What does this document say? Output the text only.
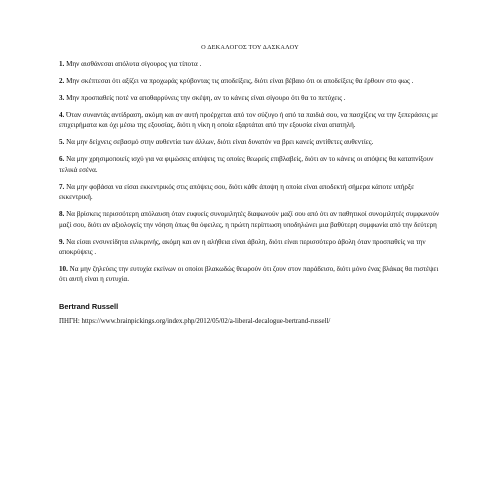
Ο ΔΕΚΑΛΟΓΟΣ ΤΟΥ ΔΑΣΚΑΛΟΥ
1. Μην αισθάνεσαι απόλυτα σίγουρος για τίποτα .
2. Μην σκέπτεσαι ότι αξίζει να προχωράς κρύβοντας τις αποδείξεις, διότι είναι βέβαιο ότι οι αποδείξεις θα έρθουν στο φως .
3. Μην προσπαθείς ποτέ να αποθαρρύνεις την σκέψη, αν το κάνεις είναι σίγουρο ότι θα το πετύχεις .
4. Όταν συναντάς αντίδραση, ακόμη και αν αυτή προέρχεται από τον σύζυγο ή από τα παιδιά σου, να πασχίζεις να την ξεπεράσεις με επιχειρήματα και όχι μέσω της εξουσίας, διότι η νίκη η οποία εξαρτάται από την εξουσία είναι απατηλή.
5. Να μην δείχνεις σεβασμό στην αυθεντία των άλλων, διότι είναι δυνατόν να βρει κανείς αντίθετες αυθεντίες.
6. Να μην χρησιμοποιείς ισχύ για να φιμώσεις απόψεις τις οποίες θεωρείς επιβλαβείς, διότι αν το κάνεις οι απόψεις θα καταπνίξουν τελικά εσένα.
7. Να μην φοβάσαι να είσαι εκκεντρικός στις απόψεις σου, διότι κάθε άποψη η οποία είναι αποδεκτή σήμερα κάποτε υπήρξε εκκεντρική.
8. Να βρίσκεις περισσότερη απόλαυση όταν ευφυείς συνομιλητές διαφωνούν μαζί σου από ότι αν παθητικοί συνομιλητές συμφωνούν μαζί σου, διότι αν αξιολογείς την νόηση όπως θα όφειλες, η πρώτη περίπτωση υποδηλώνει μια βαθύτερη συμφωνία από την δεύτερη
9. Να είσαι ενσυνείδητα ειλικρινής, ακόμη και αν η αλήθεια είναι άβολη, διότι είναι περισσότερο άβολη όταν προσπαθείς να την αποκρύψεις .
10. Να μην ζηλεύεις την ευτυχία εκείνων οι οποίοι βλακωδώς θεωρούν ότι ζουν στον παράδεισο, διότι μόνο ένας βλάκας θα πιστέψει ότι αυτή είναι η ευτυχία.
Bertrand Russell
ΠΗΓΗ: https://www.brainpickings.org/index.php/2012/05/02/a-liberal-decalogue-bertrand-russell/
